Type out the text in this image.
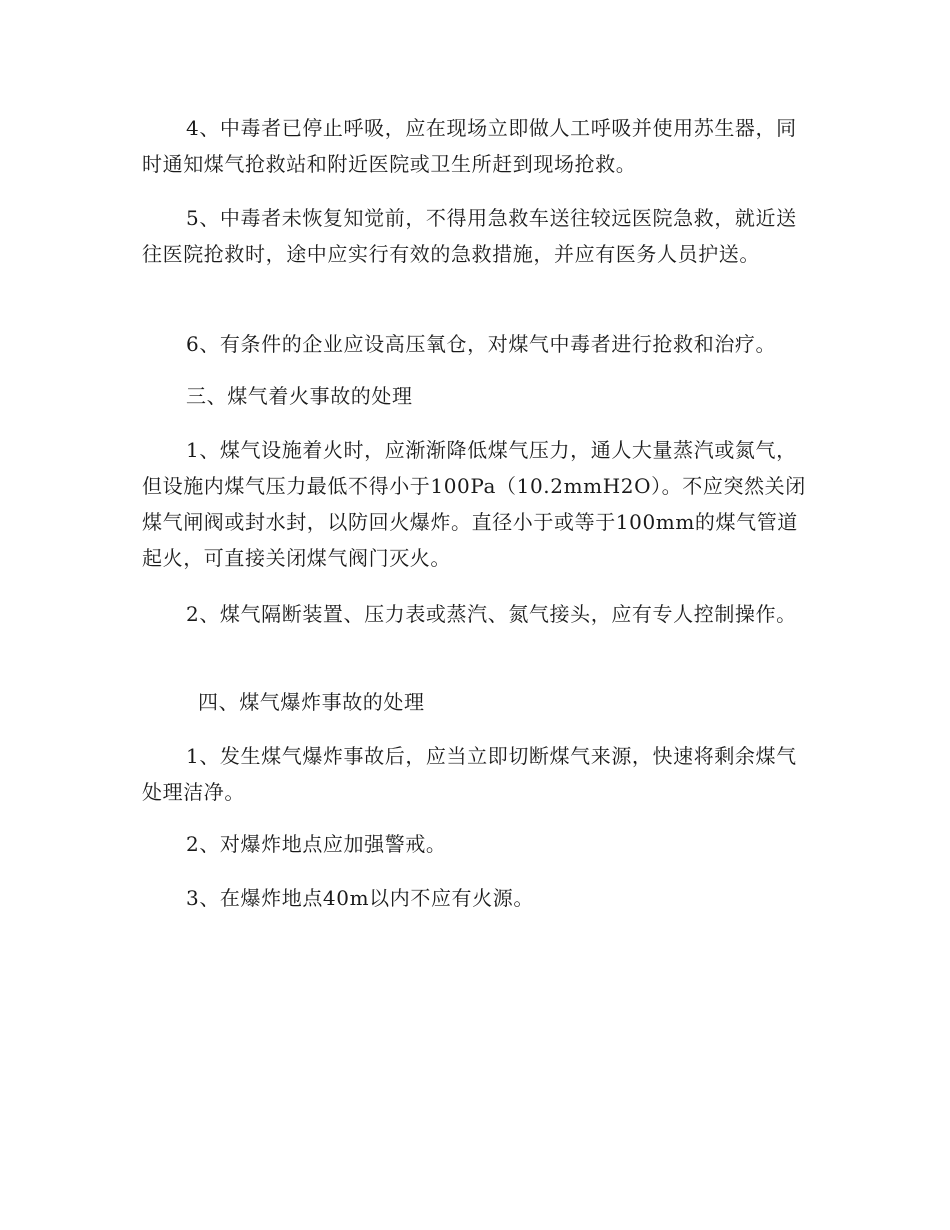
4、中毒者已停止呼吸，应在现场立即做人工呼吸并使用苏生器，同时通知煤气抢救站和附近医院或卫生所赶到现场抢救。

5、中毒者未恢复知觉前，不得用急救车送往较远医院急救，就近送往医院抢救时，途中应实行有效的急救措施，并应有医务人员护送。

6、有条件的企业应设高压氧仓，对煤气中毒者进行抢救和治疗。

三、煤气着火事故的处理

1、煤气设施着火时，应渐渐降低煤气压力，通人大量蒸汽或氮气，但设施内煤气压力最低不得小于100Pa（10.2mmH2O）。不应突然关闭煤气闸阀或封水封，以防回火爆炸。直径小于或等于100mm的煤气管道起火，可直接关闭煤气阀门灭火。

2、煤气隔断装置、压力表或蒸汽、氮气接头，应有专人控制操作。

四、煤气爆炸事故的处理

1、发生煤气爆炸事故后，应当立即切断煤气来源，快速将剩余煤气处理洁净。

2、对爆炸地点应加强警戒。

3、在爆炸地点40m以内不应有火源。
